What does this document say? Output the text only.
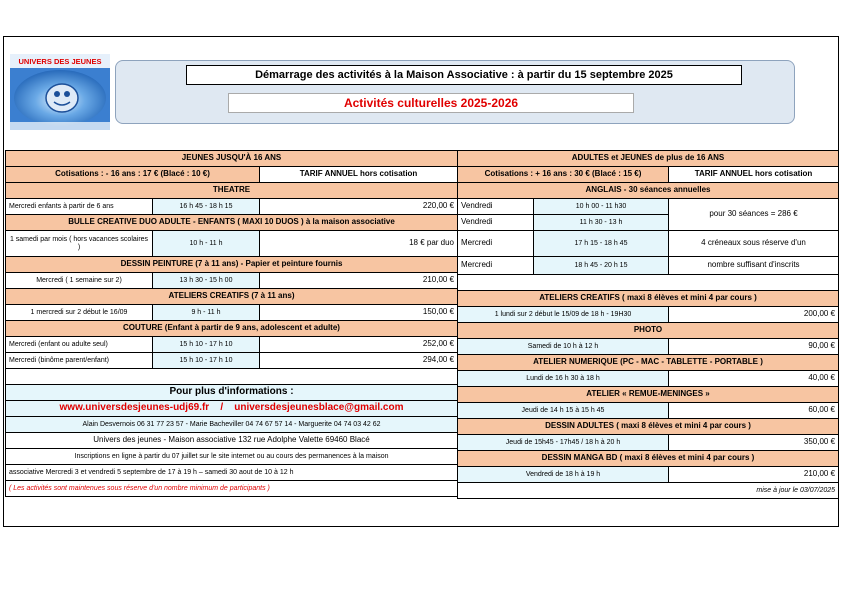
UNIVERS DES JEUNES
Démarrage des activités à la Maison Associative : à partir du 15 septembre 2025
Activités culturelles 2025-2026
JEUNES JUSQU'À 16 ANS		
Cotisations : - 16 ans : 17 € (Blacé : 10 €)		TARIF ANNUEL hors cotisation
THEATRE		
Mercredi enfants à partir de 6 ans	16 h 45 - 18 h 15	220,00 €
BULLE CREATIVE DUO ADULTE - ENFANTS ( MAXI 10 DUOS ) à la maison associative		
1 samedi par mois ( hors vacances scolaires )	10 h - 11 h	18 € par duo
DESSIN PEINTURE (7 à 11 ans) - Papier et peinture fournis		
Mercredi ( 1 semaine sur 2)	13 h 30 - 15 h 00	210,00 €
ATELIERS CREATIFS (7 à 11 ans)		
1 mercredi sur 2 début le 16/09	9 h - 11 h	150,00 €
COUTURE (Enfant à partir de 9 ans, adolescent et adulte)		
Mercredi (enfant ou adulte seul)	15 h 10 - 17 h 10	252,00 €
Mercredi (binôme parent/enfant)	15 h 10 - 17 h 10	294,00 €

Pour plus d'informations :		
www.universdesjeunes-udj69.fr / universdesjeunesblace@gmail.com		
Alain Desvernois 06 31 77 23 57 - Marie Bacheviller 04 74 67 57 14 - Marguerite 04 74 03 42 62		
Univers des jeunes - Maison associative 132 rue Adolphe Valette 69460 Blacé		
Inscriptions en ligne à partir du 07 juillet sur le site internet ou au cours des permanences à la maison		
associative Mercredi 3 et vendredi 5 septembre de 17 à 19 h – samedi 30 aout de 10 à 12 h		
( Les activités sont maintenues sous réserve d'un nombre minimum de participants )		
ADULTES et JEUNES de plus de 16 ANS		
Cotisations : + 16 ans : 30 € (Blacé : 15 €)		TARIF ANNUEL hors cotisation
ANGLAIS - 30 séances annuelles		
Vendredi	10 h 00 - 11 h30	pour 30 séances = 286 €
Vendredi	11 h 30 - 13 h	
Mercredi	17 h 15 - 18 h 45	4 créneaux sous réserve d'un
Mercredi	18 h 45 - 20 h 15	nombre suffisant d'inscrits

ATELIERS CREATIFS ( maxi 8 élèves et mini 4 par cours )		
1 lundi sur 2 début le 15/09 de 18 h - 19H30		200,00 €
PHOTO		
Samedi de 10 h à 12 h		90,00 €
ATELIER NUMERIQUE (PC - MAC - TABLETTE - PORTABLE )		
Lundi de 16 h 30 à 18 h		40,00 €
ATELIER « REMUE-MENINGES »		
Jeudi de 14 h 15 à 15 h 45		60,00 €
DESSIN ADULTES ( maxi 8 élèves et mini 4 par cours )		
Jeudi de 15h45 - 17h45 / 18 h à 20 h		350,00 €
DESSIN MANGA BD ( maxi 8 élèves et mini 4 par cours )		
Vendredi de 18 h à 19 h		210,00 €
mise à jour le 03/07/2025		
